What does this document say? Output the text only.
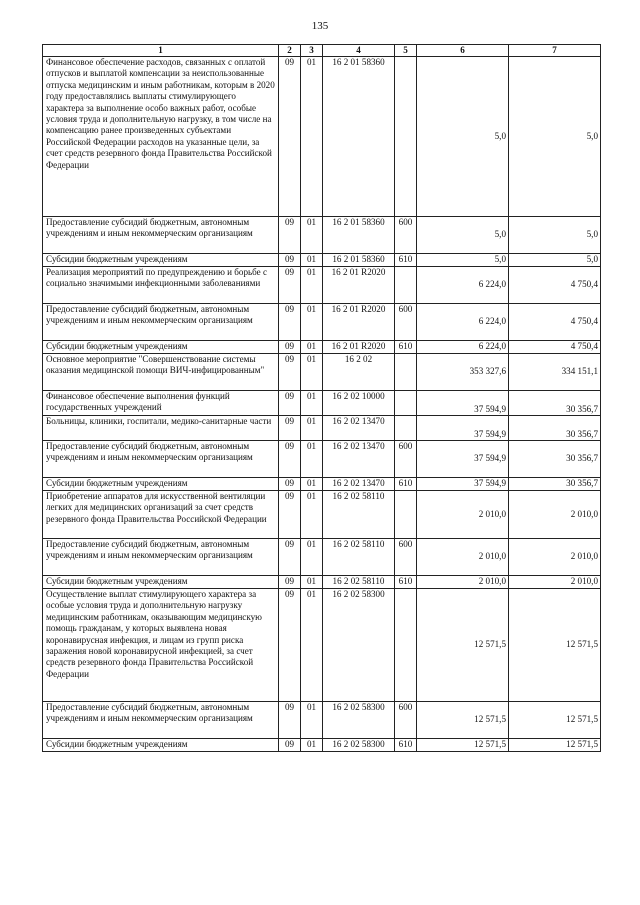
135
1	2	3	4	5	6	7
Финансовое обеспечение расходов, связанных с оплатой отпусков и выплатой компенсации за неиспользованные отпуска медицинским и иным работникам, которым в 2020 году предоставлялись выплаты стимулирующего характера за выполнение особо важных работ, особые условия труда и дополнительную нагрузку, в том числе на компенсацию ранее произведенных субъектами Российской Федерации расходов на указанные цели, за счет средств резервного фонда Правительства Российской Федерации	09	01	16 2 01 58360		5,0	5,0
Предоставление субсидий бюджетным, автономным учреждениям и иным некоммерческим организациям	09	01	16 2 01 58360	600	5,0	5,0
Субсидии бюджетным учреждениям	09	01	16 2 01 58360	610	5,0	5,0
Реализация мероприятий по предупреждению и борьбе с социально значимыми инфекционными заболеваниями	09	01	16 2 01 R2020		6 224,0	4 750,4
Предоставление субсидий бюджетным, автономным учреждениям и иным некоммерческим организациям	09	01	16 2 01 R2020	600	6 224,0	4 750,4
Субсидии бюджетным учреждениям	09	01	16 2 01 R2020	610	6 224,0	4 750,4
Основное мероприятие "Совершенствование системы оказания медицинской помощи ВИЧ-инфицированным"	09	01	16 2 02		353 327,6	334 151,1
Финансовое обеспечение выполнения функций государственных учреждений	09	01	16 2 02 10000		37 594,9	30 356,7
Больницы, клиники, госпитали, медико-санитарные части	09	01	16 2 02 13470		37 594,9	30 356,7
Предоставление субсидий бюджетным, автономным учреждениям и иным некоммерческим организациям	09	01	16 2 02 13470	600	37 594,9	30 356,7
Субсидии бюджетным учреждениям	09	01	16 2 02 13470	610	37 594,9	30 356,7
Приобретение аппаратов для искусственной вентиляции легких для медицинских организаций за счет средств резервного фонда Правительства Российской Федерации	09	01	16 2 02 58110		2 010,0	2 010,0
Предоставление субсидий бюджетным, автономным учреждениям и иным некоммерческим организациям	09	01	16 2 02 58110	600	2 010,0	2 010,0
Субсидии бюджетным учреждениям	09	01	16 2 02 58110	610	2 010,0	2 010,0
Осуществление выплат стимулирующего характера за особые условия труда и дополнительную нагрузку медицинским работникам, оказывающим медицинскую помощь гражданам, у которых выявлена новая коронавирусная инфекция, и лицам из групп риска заражения новой коронавирусной инфекцией, за счет средств резервного фонда Правительства Российской Федерации	09	01	16 2 02 58300		12 571,5	12 571,5
Предоставление субсидий бюджетным, автономным учреждениям и иным некоммерческим организациям	09	01	16 2 02 58300	600	12 571,5	12 571,5
Субсидии бюджетным учреждениям	09	01	16 2 02 58300	610	12 571,5	12 571,5
